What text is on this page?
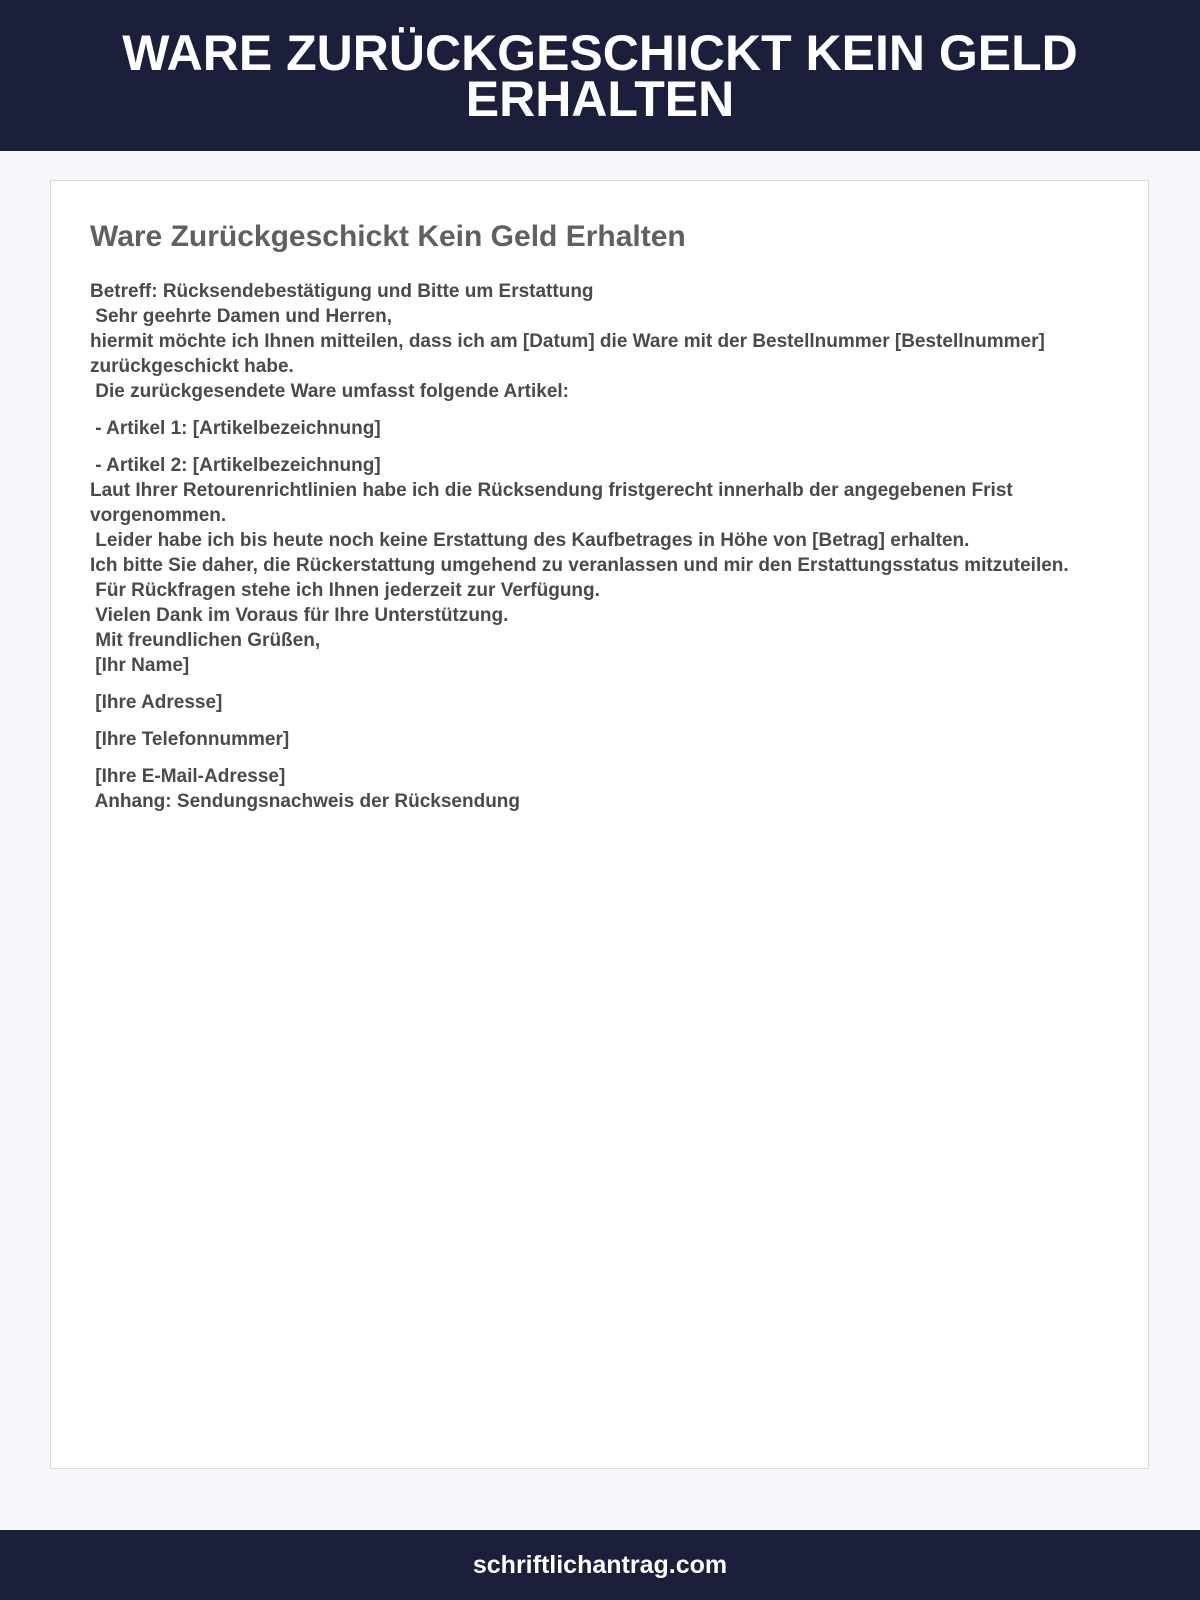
WARE ZURÜCKGESCHICKT KEIN GELD ERHALTEN
Ware Zurückgeschickt Kein Geld Erhalten
Betreff: Rücksendebestätigung und Bitte um Erstattung
Sehr geehrte Damen und Herren,
hiermit möchte ich Ihnen mitteilen, dass ich am [Datum] die Ware mit der Bestellnummer [Bestellnummer] zurückgeschickt habe.
Die zurückgesendete Ware umfasst folgende Artikel:
- Artikel 1: [Artikelbezeichnung]
- Artikel 2: [Artikelbezeichnung]
Laut Ihrer Retourenrichtlinien habe ich die Rücksendung fristgerecht innerhalb der angegebenen Frist vorgenommen.
Leider habe ich bis heute noch keine Erstattung des Kaufbetrages in Höhe von [Betrag] erhalten.
Ich bitte Sie daher, die Rückerstattung umgehend zu veranlassen und mir den Erstattungsstatus mitzuteilen.
Für Rückfragen stehe ich Ihnen jederzeit zur Verfügung.
Vielen Dank im Voraus für Ihre Unterstützung.
Mit freundlichen Grüßen,
[Ihr Name]
[Ihre Adresse]
[Ihre Telefonnummer]
[Ihre E-Mail-Adresse]
Anhang: Sendungsnachweis der Rücksendung
schriftlichantrag.com
